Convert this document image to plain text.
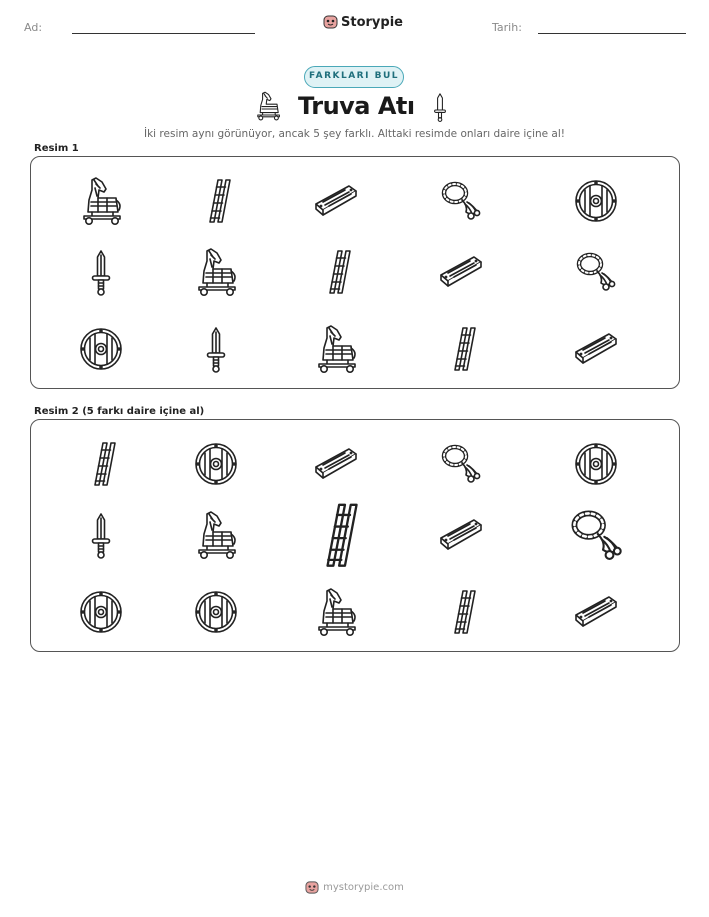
Ad:	Storypie	Tarih:
FARKLARI BUL
Truva Atı
İki resim aynı görünüyor, ancak 5 şey farklı. Alttaki resimde onları daire içine al!
Resim 1
Resim 2 (5 farkı daire içine al)
mystorypie.com
